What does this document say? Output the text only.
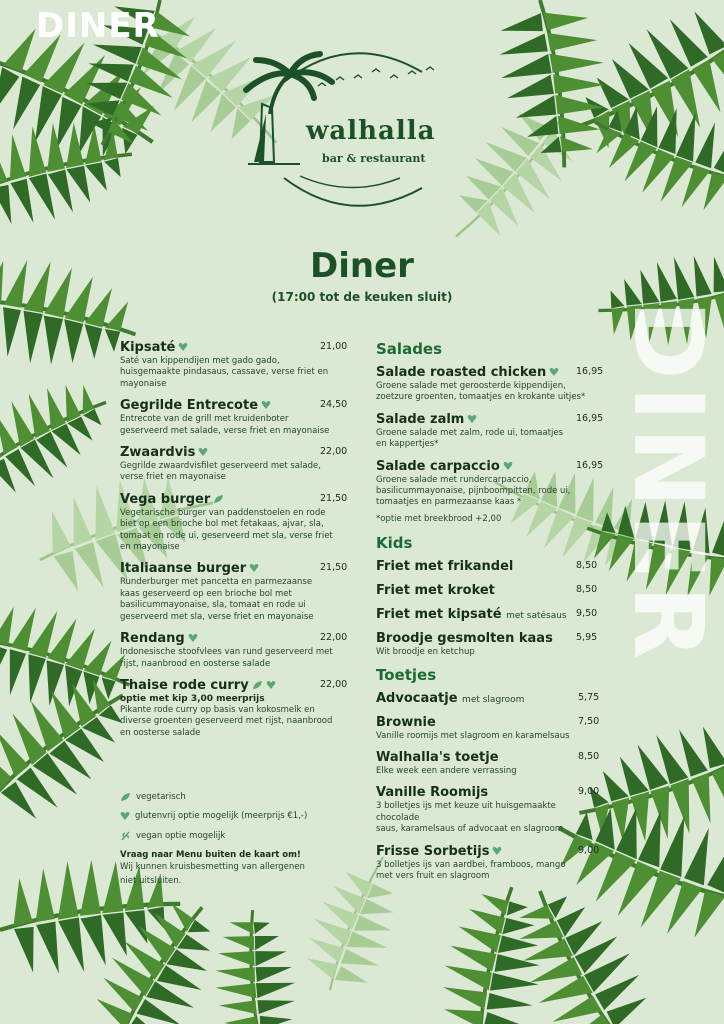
DINER
DINER
walhalla
bar & restaurant
Diner
(17:00 tot de keuken sluit)
Kipsaté	21,00
Saté van kippendijen met gado gado,
huisgemaakte pindasaus, cassave, verse friet en
mayonaise
Gegrilde Entrecote	24,50
Entrecote van de grill met kruidenboter
geserveerd met salade, verse friet en mayonaise
Zwaardvis	22,00
Gegrilde zwaardvisfilet geserveerd met salade,
verse friet en mayonaise
Vega burger	21,50
Vegetarische burger van paddenstoelen en rode
biet op een brioche bol met fetakaas, ajvar, sla,
tomaat en rode ui, geserveerd met sla, verse friet
en mayonaise
Italiaanse burger	21,50
Runderburger met pancetta en parmezaanse
kaas geserveerd op een brioche bol met
basilicummayonaise, sla, tomaat en rode ui
geserveerd met sla, verse friet en mayonaise
Rendang	22,00
Indonesische stoofvlees van rund geserveerd met
rijst, naanbrood en oosterse salade
Thaise rode curry	22,00
optie met kip 3,00 meerprijs
Pikante rode curry op basis van kokosmelk en
diverse groenten geserveerd met rijst, naanbrood
en oosterse salade
vegetarisch
glutenvrij optie mogelijk (meerprijs €1,-)
vegan optie mogelijk
Vraag naar Menu buiten de kaart om!
Wij kunnen kruisbesmetting van allergenen
niet uitsluiten.
Salades
Salade roasted chicken	16,95
Groene salade met geroosterde kippendijen,
zoetzure groenten, tomaatjes en krokante uitjes*
Salade zalm	16,95
Groene salade met zalm, rode ui, tomaatjes
en kappertjes*
Salade carpaccio	16,95
Groene salade met rundercarpaccio,
basilicummayonaise, pijnboompitten, rode ui,
tomaatjes en parmezaanse kaas *
*optie met breekbrood +2,00
Kids
Friet met frikandel	8,50
Friet met kroket	8,50
Friet met kipsaté met satésaus 9,50
Broodje gesmolten kaas	5,95
Wit broodje en ketchup
Toetjes
Advocaatje met slagroom	5,75
Brownie	7,50
Vanille roomijs met slagroom en karamelsaus
Walhalla's toetje	8,50
Elke week een andere verrassing
Vanille Roomijs	9,00
3 bolletjes ijs met keuze uit huisgemaakte chocolade
saus, karamelsaus of advocaat en slagroom
Frisse Sorbetijs	9,00
3 bolletjes ijs van aardbei, framboos, mango
met vers fruit en slagroom
